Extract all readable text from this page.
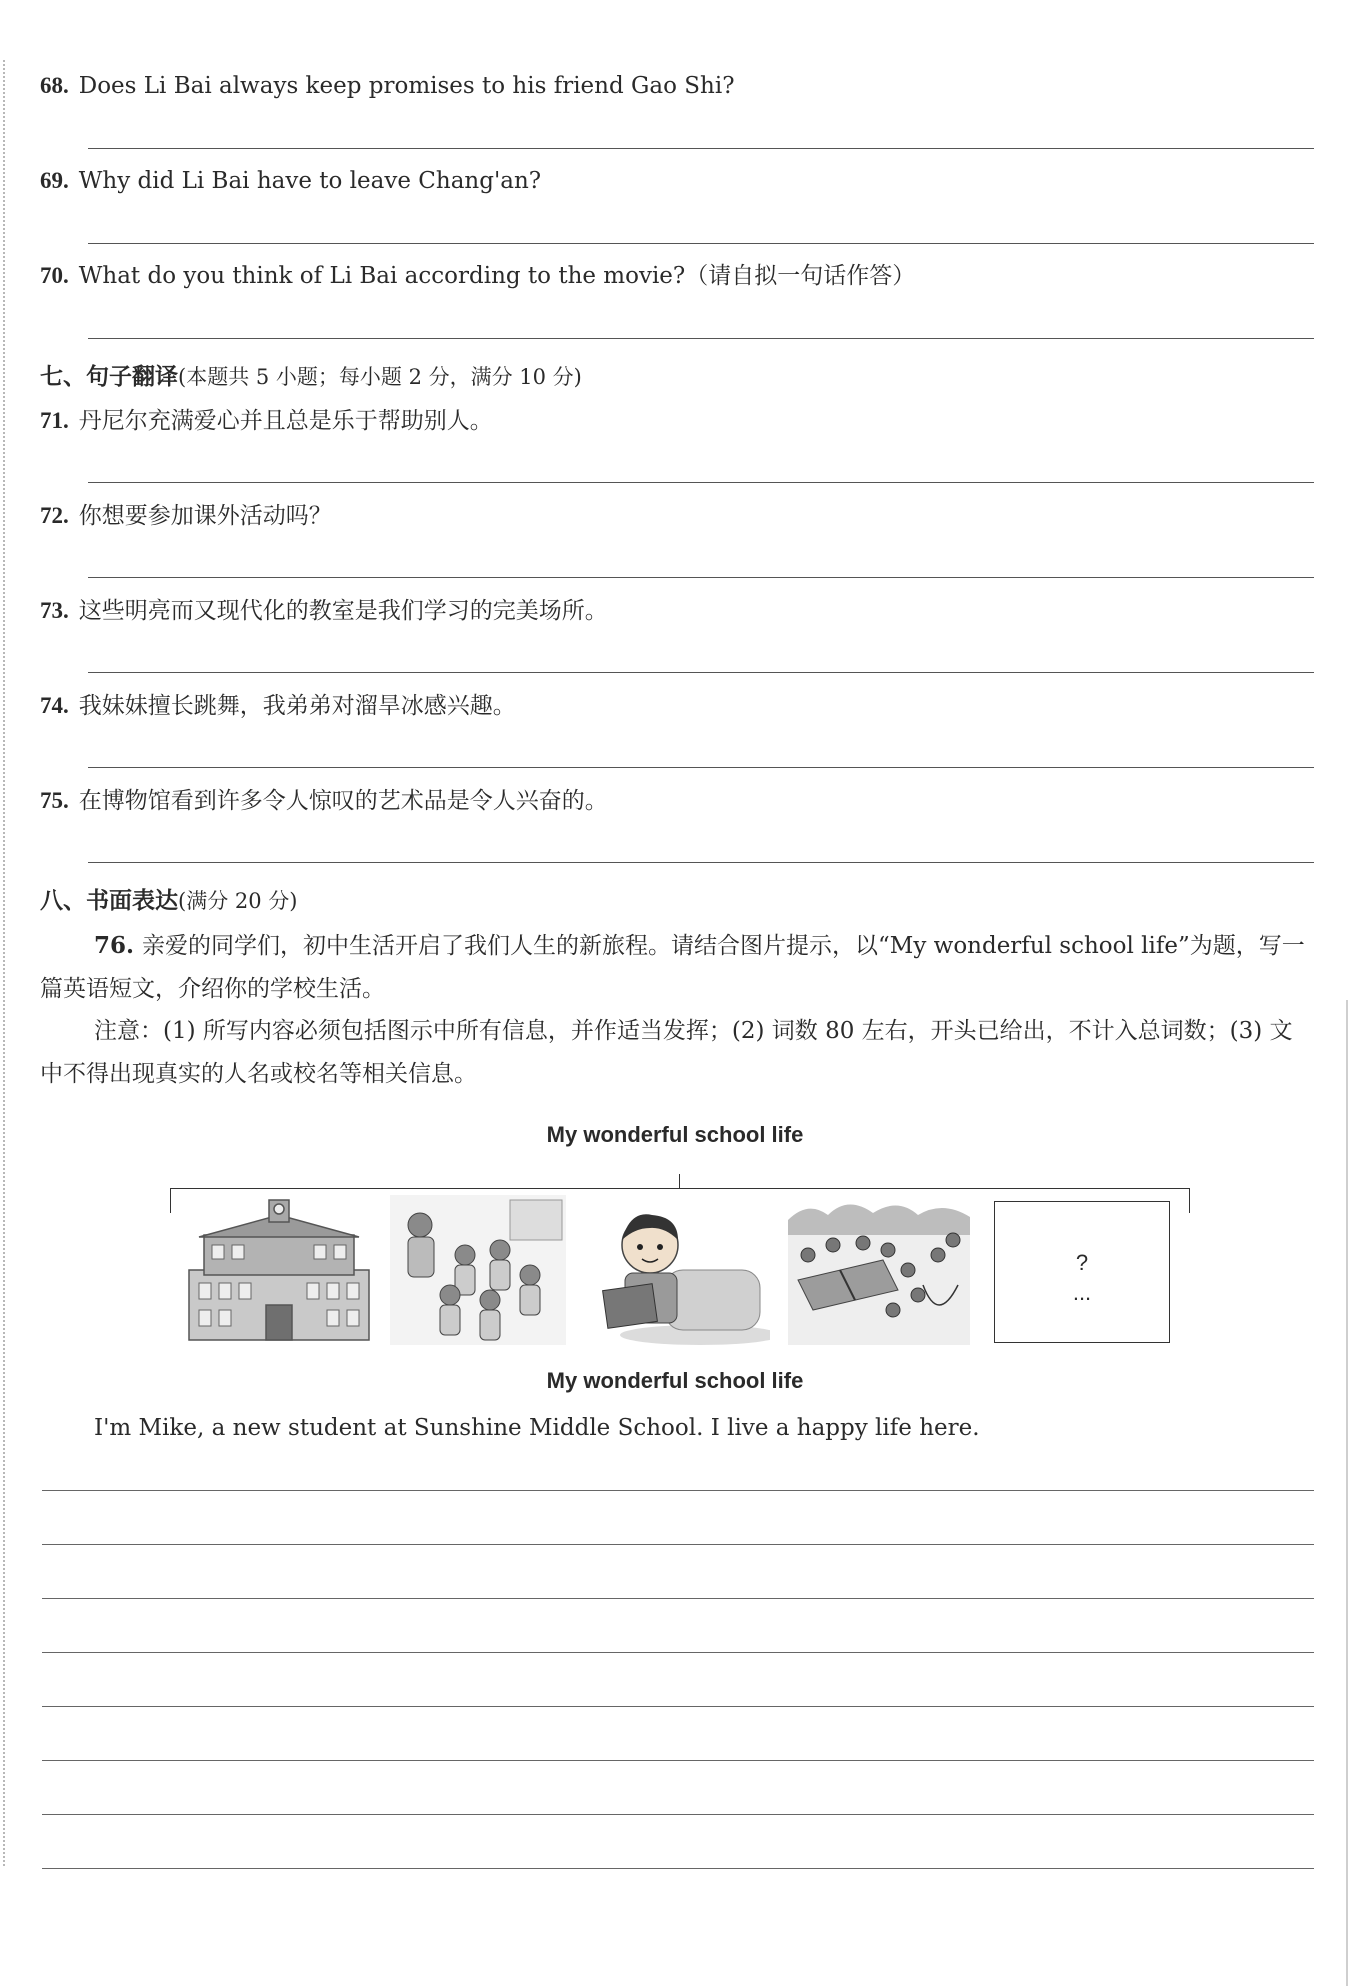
68. Does Li Bai always keep promises to his friend Gao Shi?
69. Why did Li Bai have to leave Chang'an?
70. What do you think of Li Bai according to the movie?（请自拟一句话作答）
七、句子翻译(本题共 5 小题；每小题 2 分，满分 10 分)
71. 丹尼尔充满爱心并且总是乐于帮助别人。
72. 你想要参加课外活动吗？
73. 这些明亮而又现代化的教室是我们学习的完美场所。
74. 我妹妹擅长跳舞，我弟弟对溜旱冰感兴趣。
75. 在博物馆看到许多令人惊叹的艺术品是令人兴奋的。
八、书面表达(满分 20 分)
76. 亲爱的同学们，初中生活开启了我们人生的新旅程。请结合图片提示，以“My wonderful school life”为题，写一篇英语短文，介绍你的学校生活。
注意：(1) 所写内容必须包括图示中所有信息，并作适当发挥；(2) 词数 80 左右，开头已给出，不计入总词数；(3) 文中不得出现真实的人名或校名等相关信息。
My wonderful school life
?
...
My wonderful school life
I'm Mike, a new student at Sunshine Middle School. I live a happy life here.
